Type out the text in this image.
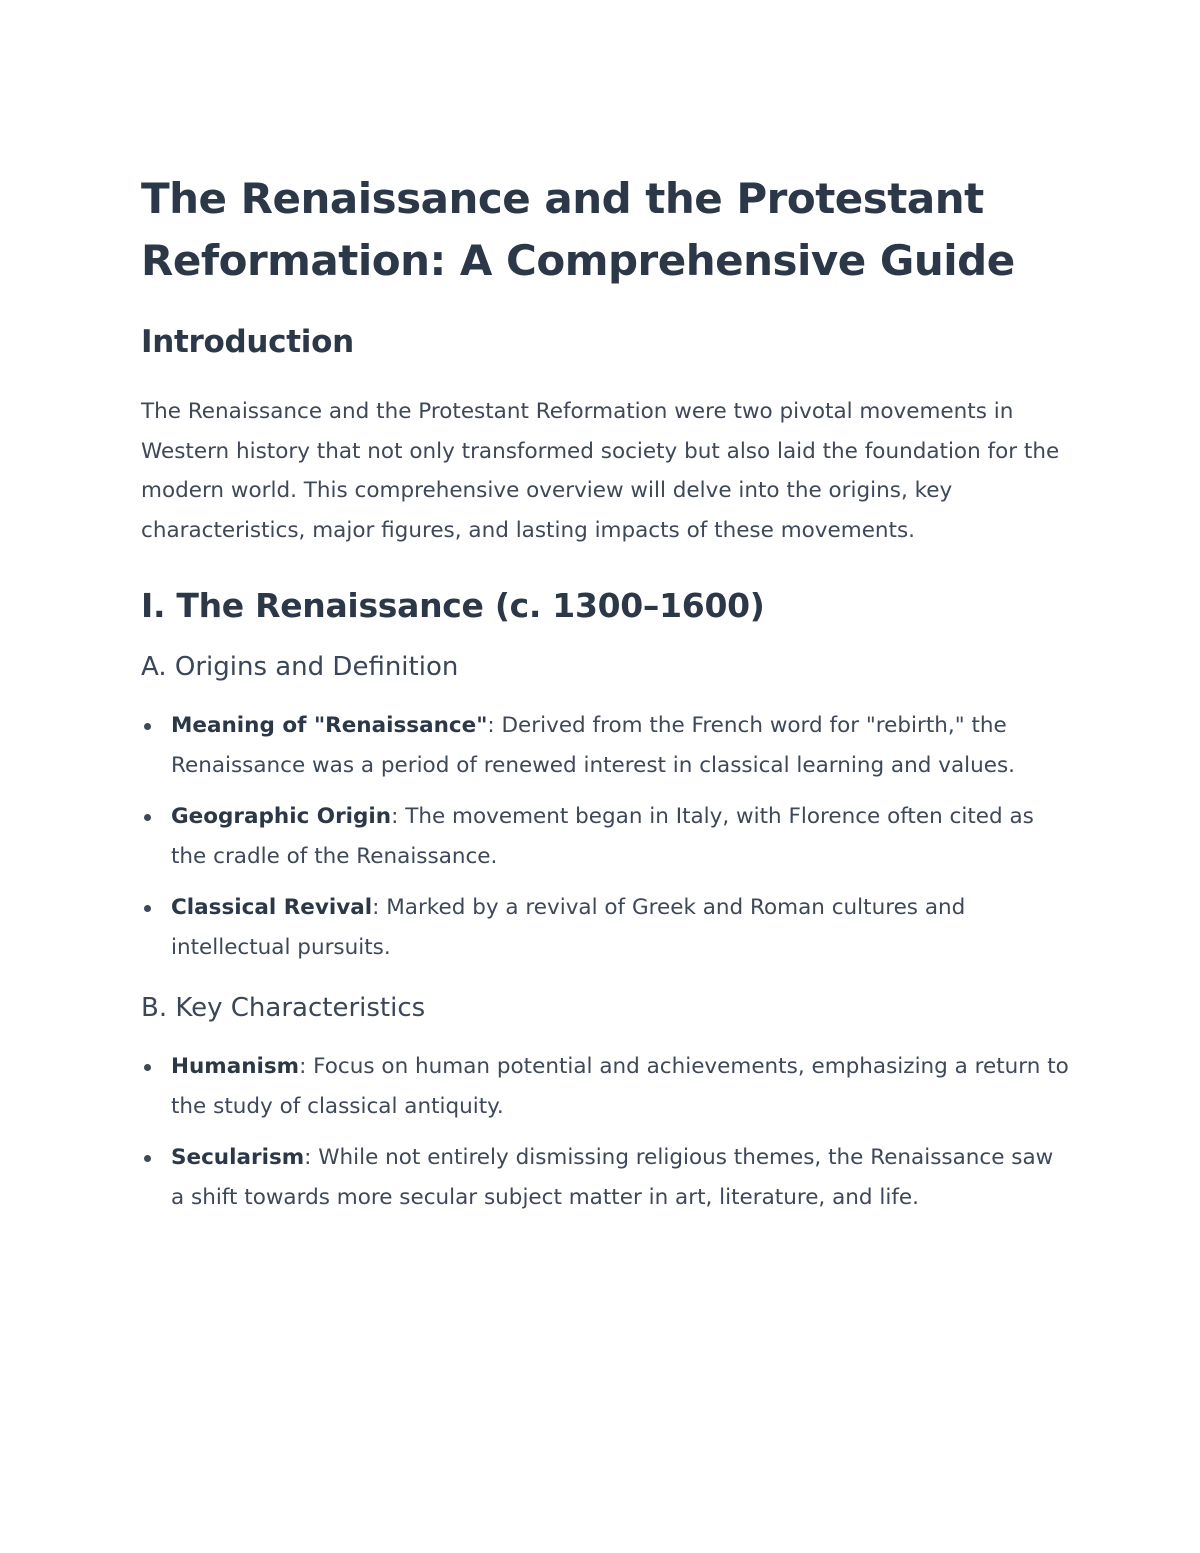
The Renaissance and the Protestant Reformation: A Comprehensive Guide
Introduction

The Renaissance and the Protestant Reformation were two pivotal movements in Western history that not only transformed society but also laid the foundation for the modern world. This comprehensive overview will delve into the origins, key characteristics, major figures, and lasting impacts of these movements.

I. The Renaissance (c. 1300–1600)
A. Origins and Definition
Meaning of "Renaissance": Derived from the French word for "rebirth," the Renaissance was a period of renewed interest in classical learning and values.
Geographic Origin: The movement began in Italy, with Florence often cited as the cradle of the Renaissance.
Classical Revival: Marked by a revival of Greek and Roman cultures and intellectual pursuits.
B. Key Characteristics
Humanism: Focus on human potential and achievements, emphasizing a return to the study of classical antiquity.
Secularism: While not entirely dismissing religious themes, the Renaissance saw a shift towards more secular subject matter in art, literature, and life.
